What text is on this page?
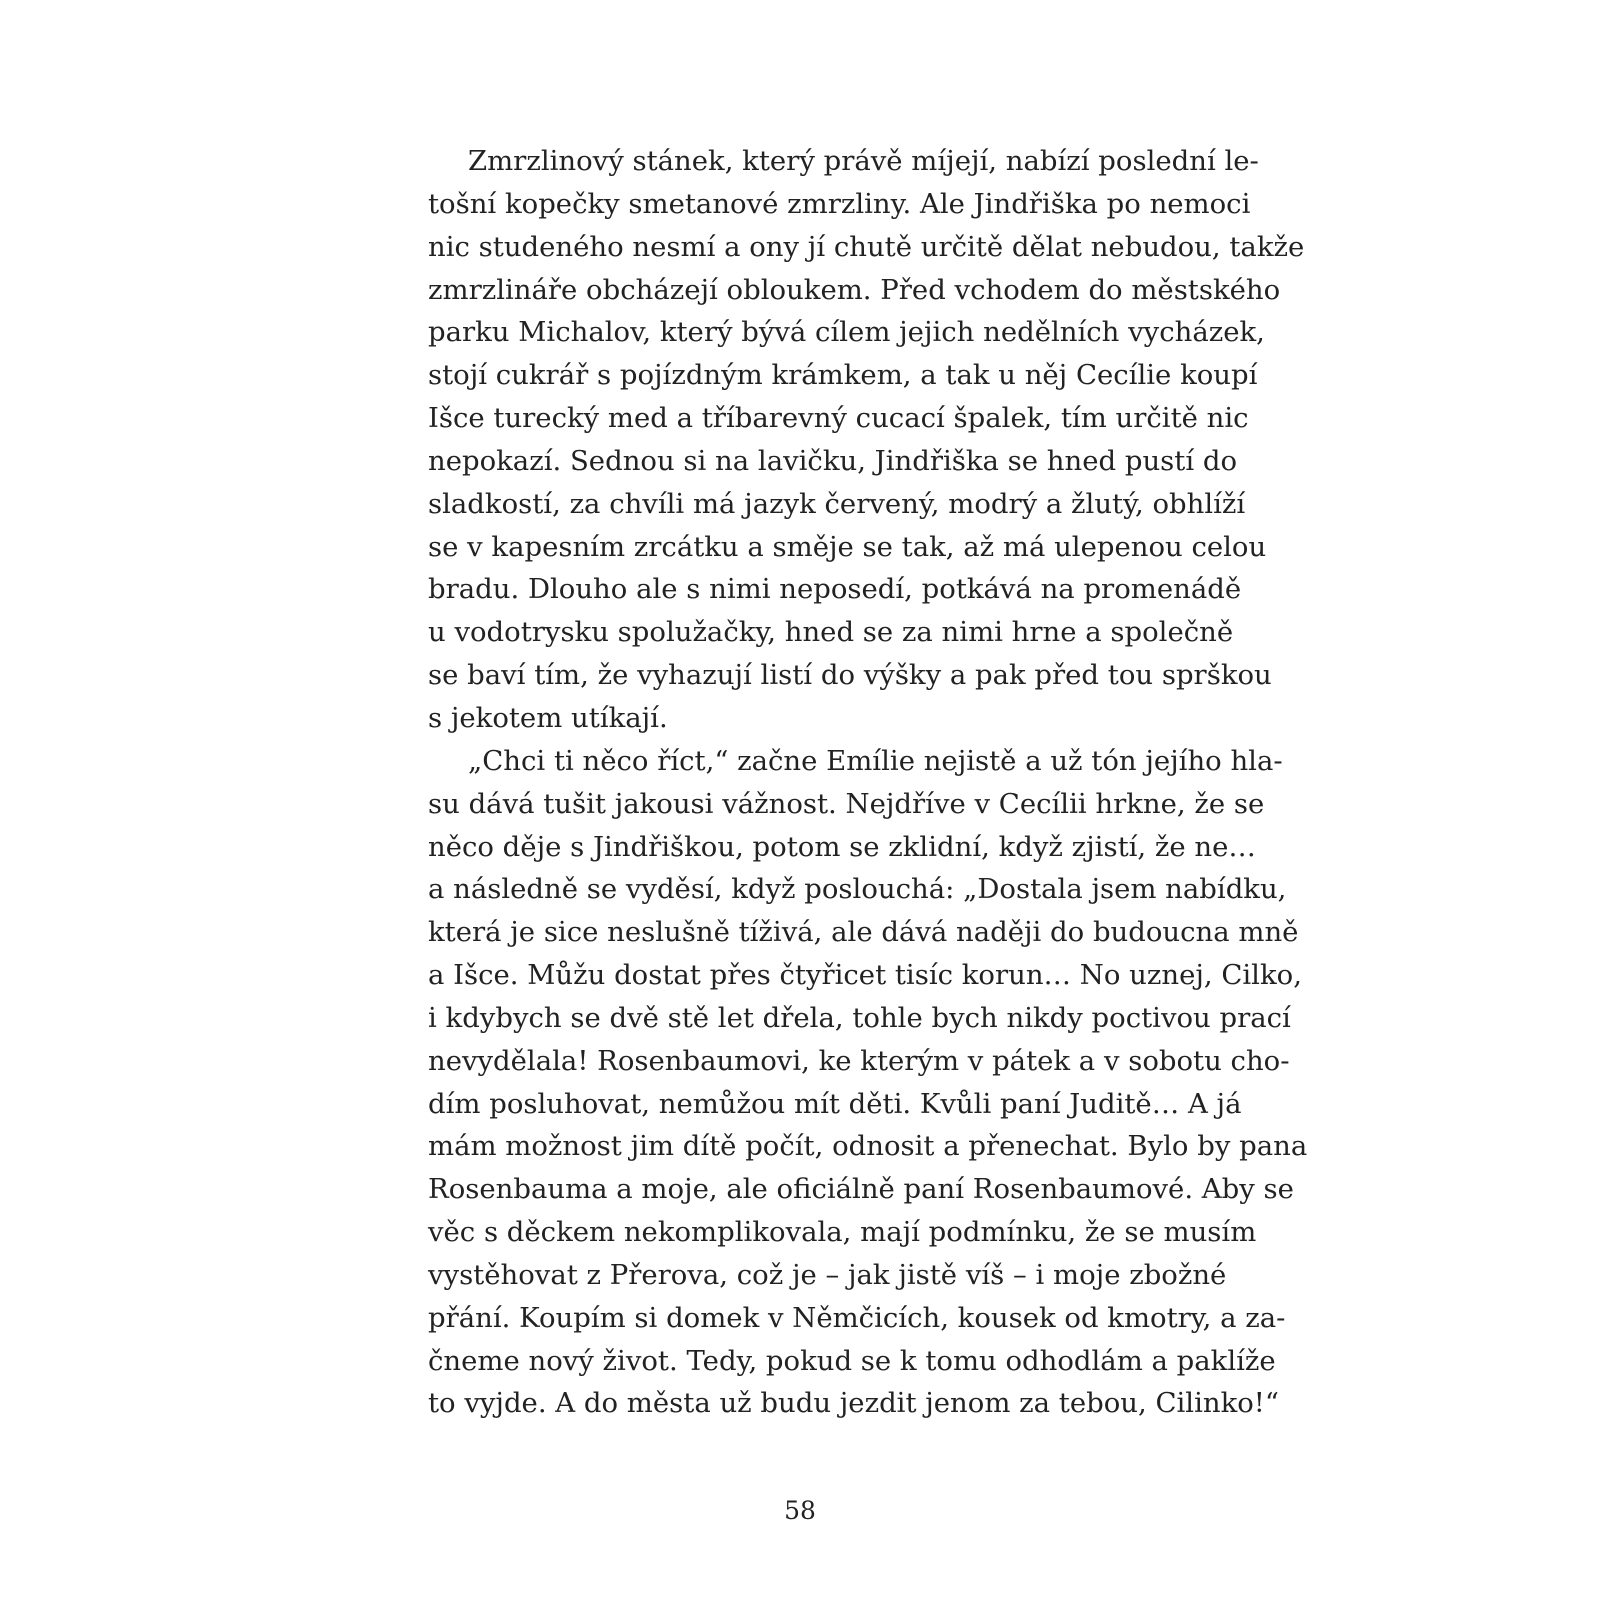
Zmrzlinový stánek, který právě míjejí, nabízí poslední le-
tošní kopečky smetanové zmrzliny. Ale Jindřiška po nemoci
nic studeného nesmí a ony jí chutě určitě dělat nebudou, takže
zmrzlináře obcházejí obloukem. Před vchodem do městského
parku Michalov, který bývá cílem jejich nedělních vycházek,
stojí cukrář s pojízdným krámkem, a tak u něj Cecílie koupí
Išce turecký med a tříbarevný cucací špalek, tím určitě nic
nepokazí. Sednou si na lavičku, Jindřiška se hned pustí do
sladkostí, za chvíli má jazyk červený, modrý a žlutý, obhlíží
se v kapesním zrcátku a směje se tak, až má ulepenou celou
bradu. Dlouho ale s nimi neposedí, potkává na promenádě
u vodotrysku spolužačky, hned se za nimi hrne a společně
se baví tím, že vyhazují listí do výšky a pak před tou sprškou
s jekotem utíkají.
„Chci ti něco říct,“ začne Emílie nejistě a už tón jejího hla-
su dává tušit jakousi vážnost. Nejdříve v Cecílii hrkne, že se
něco děje s Jindřiškou, potom se zklidní, když zjistí, že ne…
a následně se vyděsí, když poslouchá: „Dostala jsem nabídku,
která je sice neslušně tíživá, ale dává naději do budoucna mně
a Išce. Můžu dostat přes čtyřicet tisíc korun… No uznej, Cilko,
i kdybych se dvě stě let dřela, tohle bych nikdy poctivou prací
nevydělala! Rosenbaumovi, ke kterým v pátek a v sobotu cho-
dím posluhovat, nemůžou mít děti. Kvůli paní Juditě… A já
mám možnost jim dítě počít, odnosit a přenechat. Bylo by pana
Rosenbauma a moje, ale oficiálně paní Rosenbaumové. Aby se
věc s děckem nekomplikovala, mají podmínku, že se musím
vystěhovat z Přerova, což je – jak jistě víš – i moje zbožné
přání. Koupím si domek v Němčicích, kousek od kmotry, a za-
čneme nový život. Tedy, pokud se k tomu odhodlám a paklíže
to vyjde. A do města už budu jezdit jenom za tebou, Cilinko!“
58
